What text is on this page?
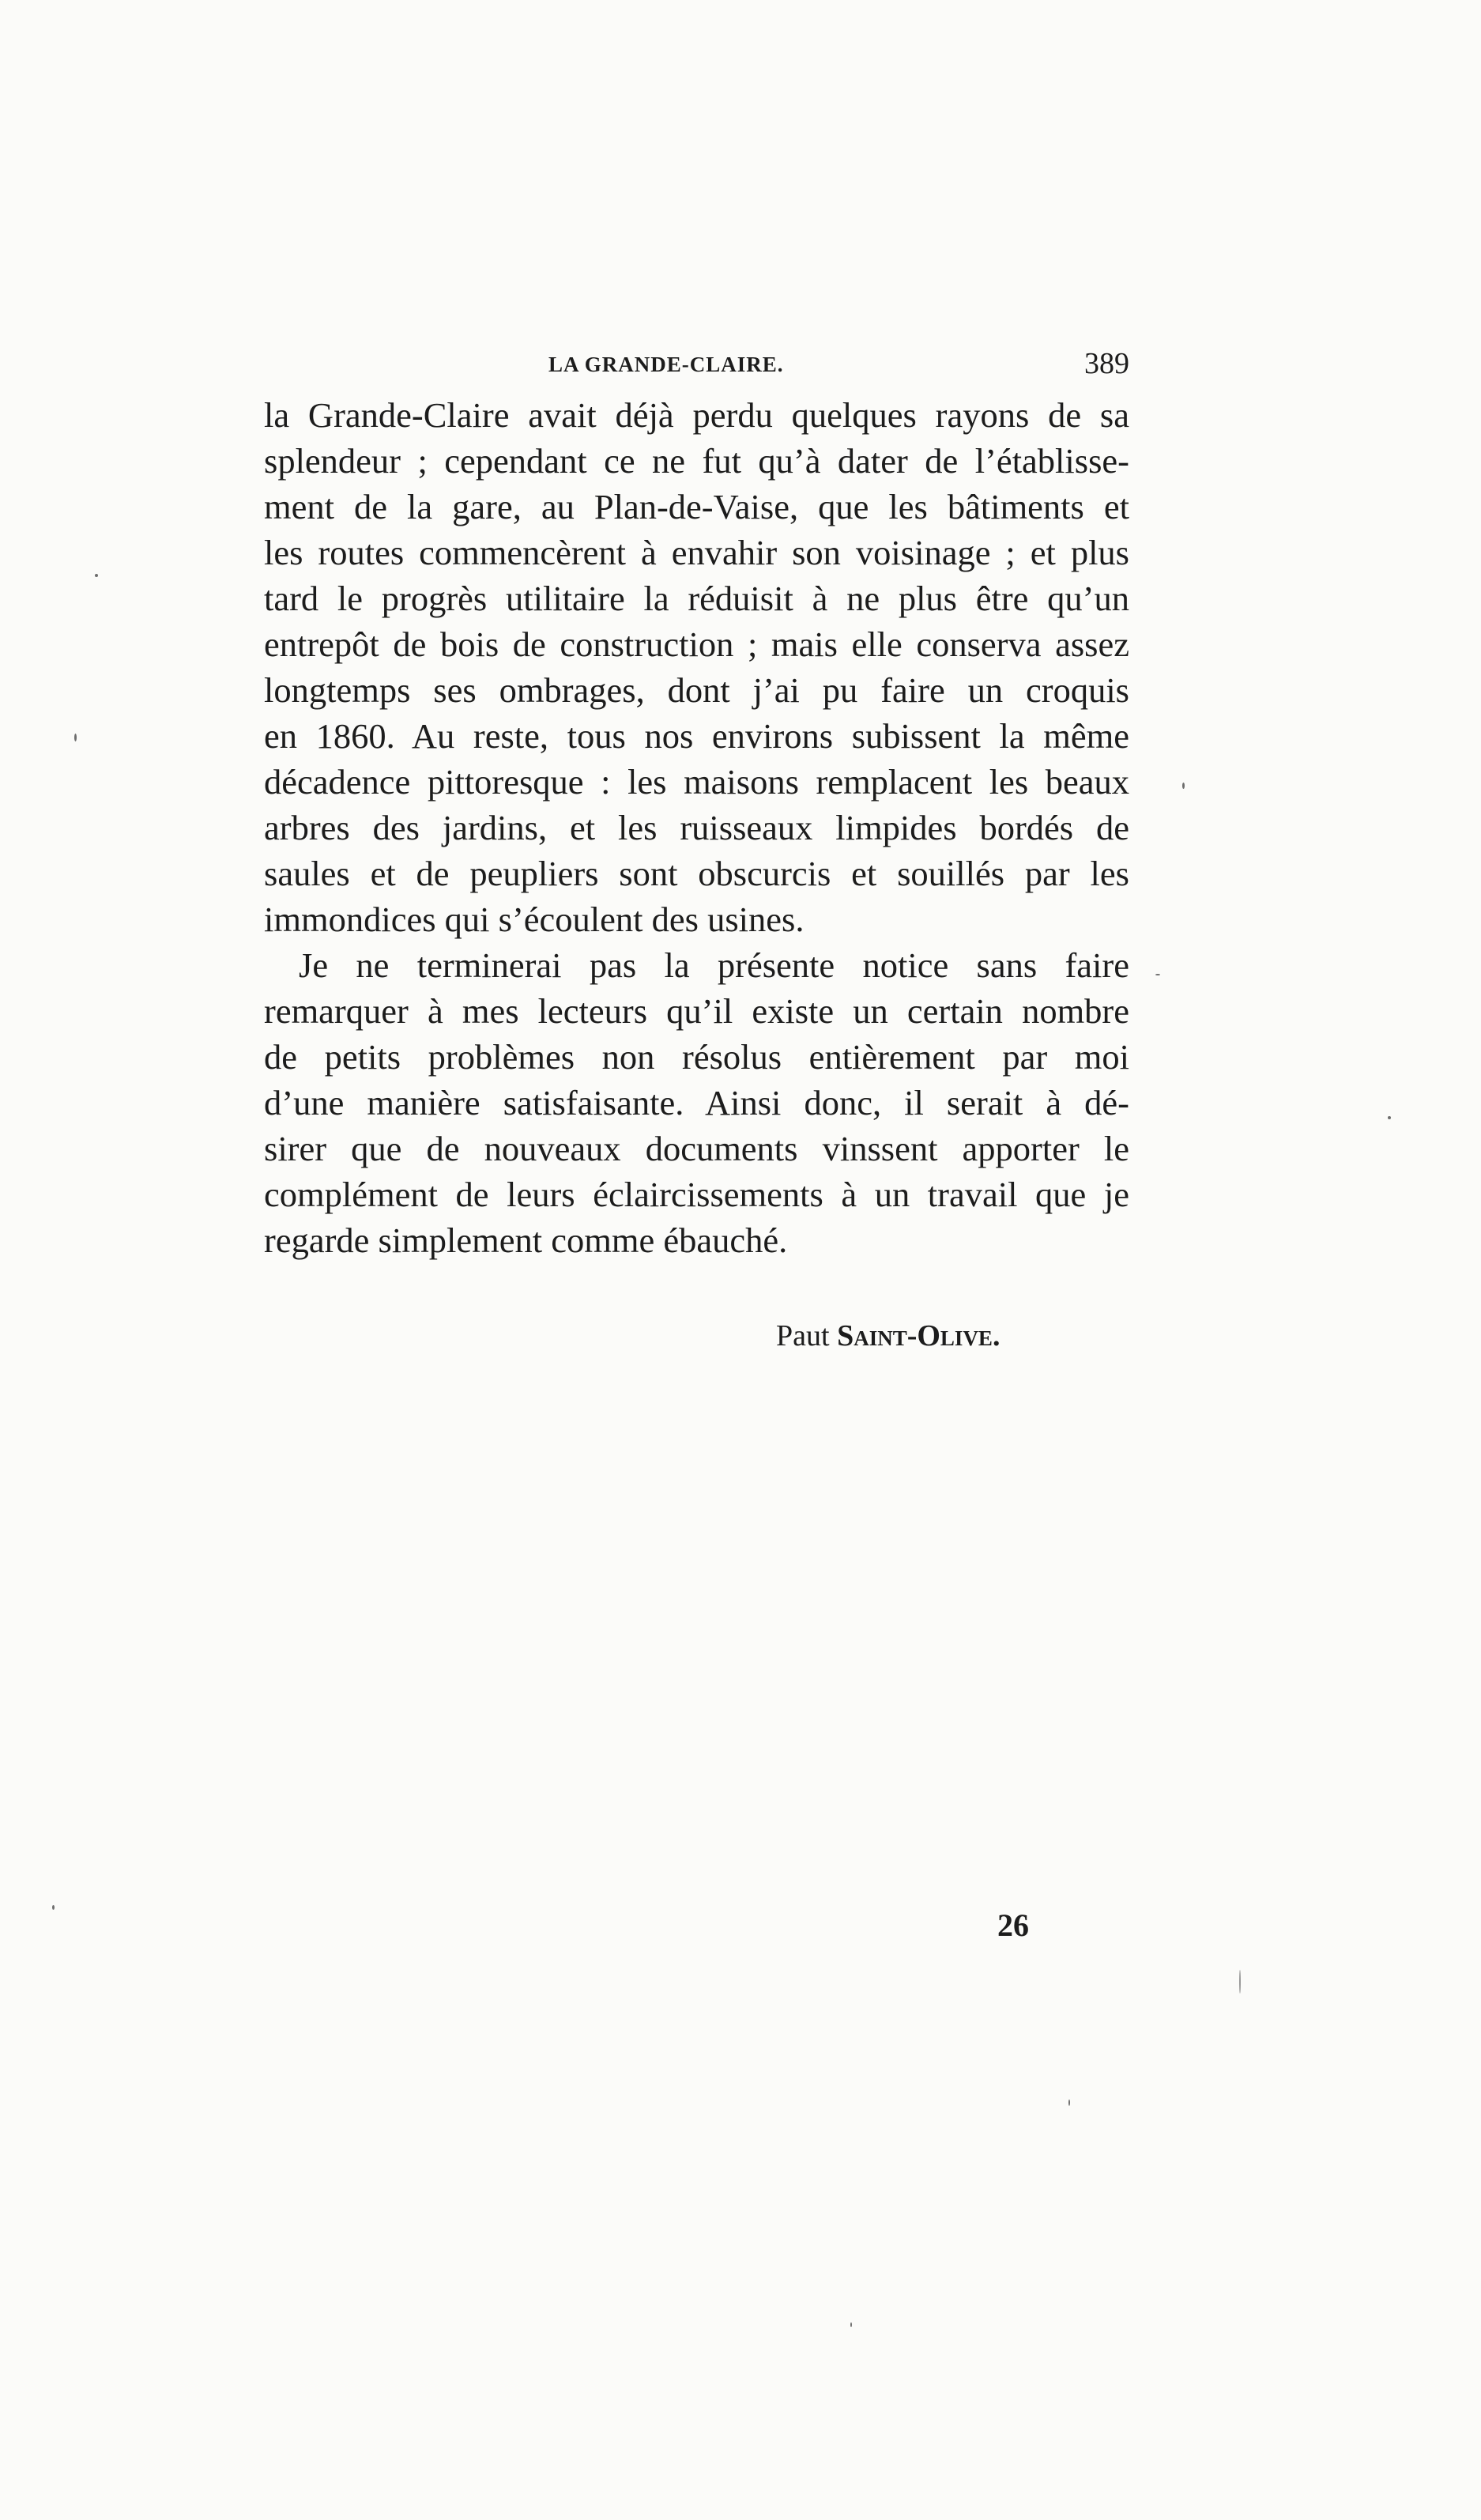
LA GRANDE-CLAIRE.	389
la Grande-Claire avait déjà perdu quelques rayons de sa
splendeur ; cependant ce ne fut qu’à dater de l’établisse-
ment de la gare, au Plan-de-Vaise, que les bâtiments et
les routes commencèrent à envahir son voisinage ; et plus
tard le progrès utilitaire la réduisit à ne plus être qu’un
entrepôt de bois de construction ; mais elle conserva assez
longtemps ses ombrages, dont j’ai pu faire un croquis
en 1860. Au reste, tous nos environs subissent la même
décadence pittoresque : les maisons remplacent les beaux
arbres des jardins, et les ruisseaux limpides bordés de
saules et de peupliers sont obscurcis et souillés par les
immondices qui s’écoulent des usines.
Je ne terminerai pas la présente notice sans faire
remarquer à mes lecteurs qu’il existe un certain nombre
de petits problèmes non résolus entièrement par moi
d’une manière satisfaisante. Ainsi donc, il serait à dé-
sirer que de nouveaux documents vinssent apporter le
complément de leurs éclaircissements à un travail que je
regarde simplement comme ébauché.
Paut Saint-Olive.
26
